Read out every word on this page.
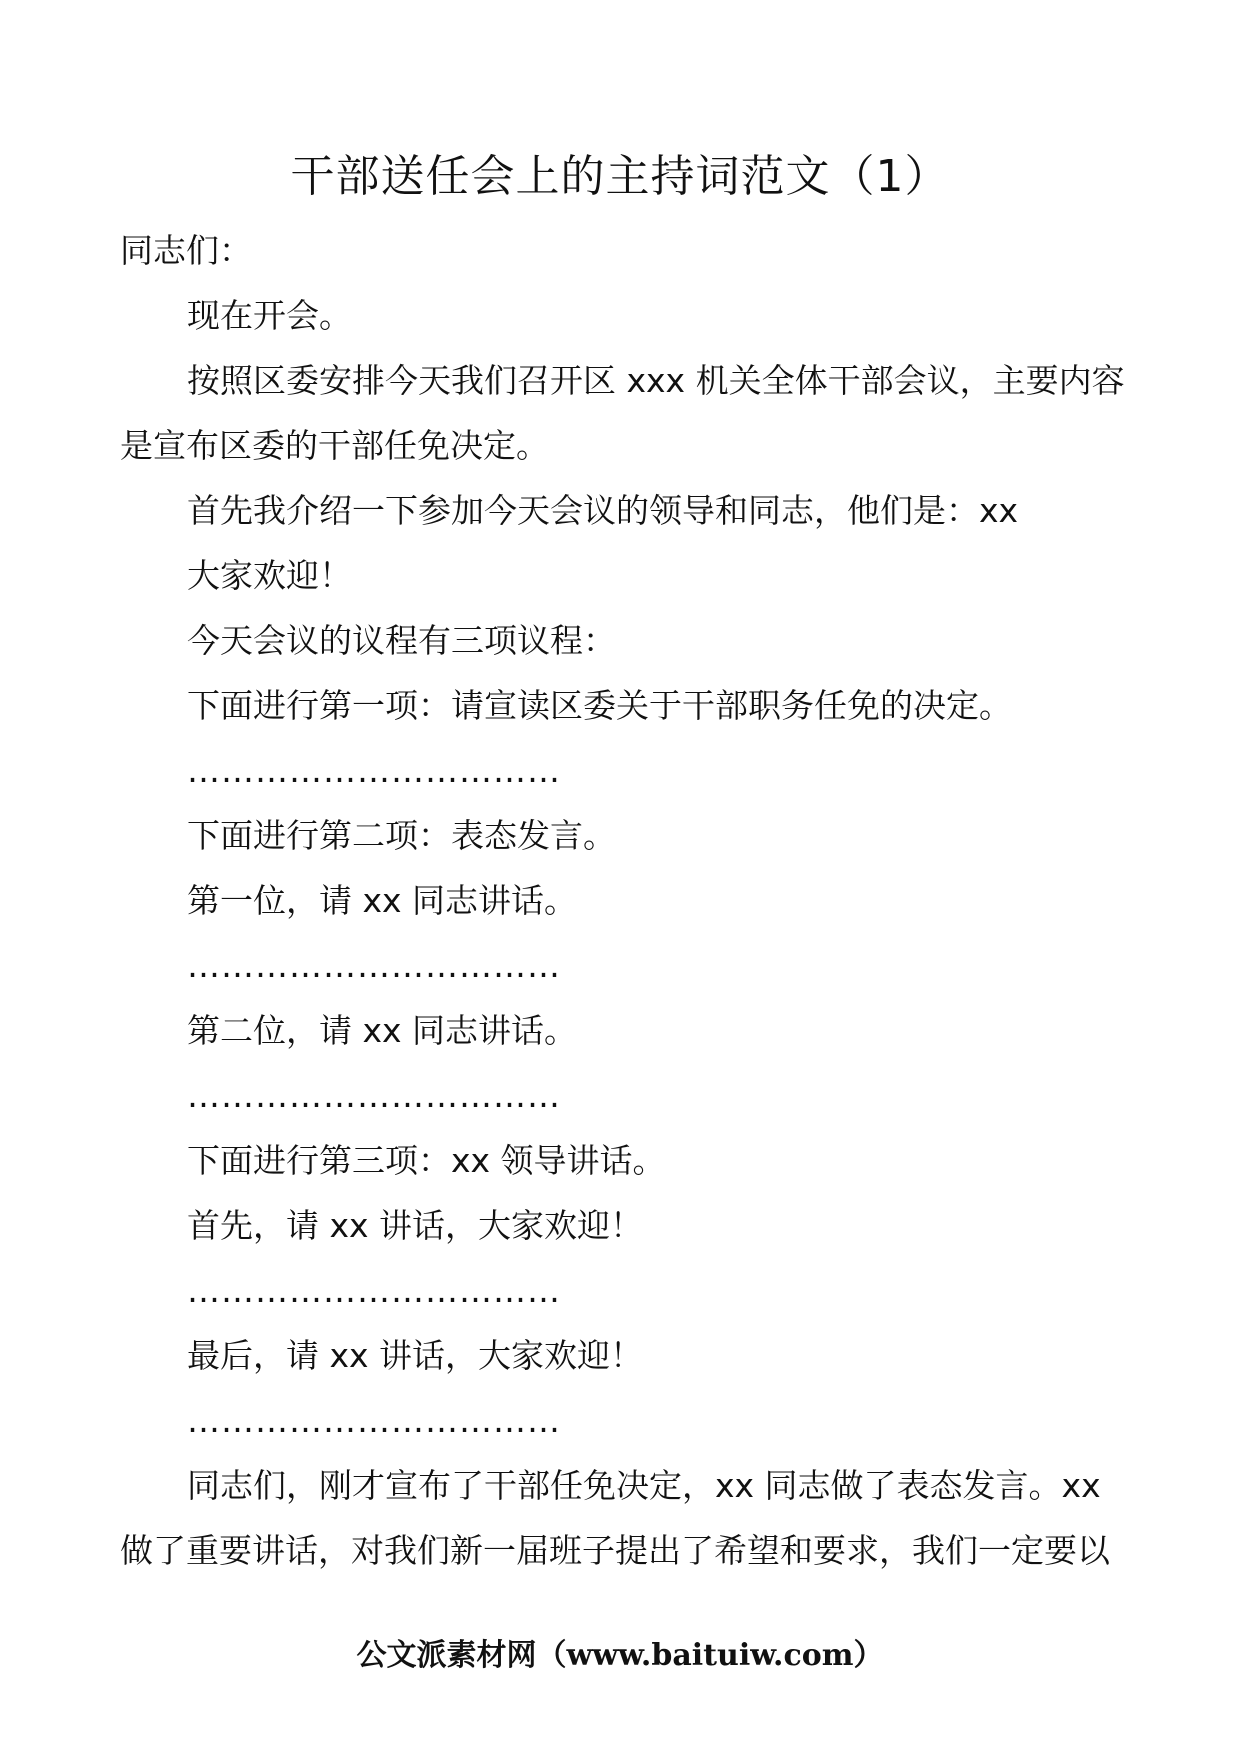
干部送任会上的主持词范文（1）

同志们：

现在开会。

按照区委安排今天我们召开区 xxx 机关全体干部会议，主要内容是宣布区委的干部任免决定。

首先我介绍一下参加今天会议的领导和同志，他们是：xx

大家欢迎！

今天会议的议程有三项议程：

下面进行第一项：请宣读区委关于干部职务任免的决定。

……………………………

下面进行第二项：表态发言。

第一位，请 xx 同志讲话。

……………………………

第二位，请 xx 同志讲话。

……………………………

下面进行第三项：xx 领导讲话。

首先，请 xx 讲话，大家欢迎！

……………………………

最后，请 xx 讲话，大家欢迎！

……………………………

同志们，刚才宣布了干部任免决定，xx 同志做了表态发言。xx 做了重要讲话，对我们新一届班子提出了希望和要求，我们一定要以

公文派素材网（www.baituiw.com）
